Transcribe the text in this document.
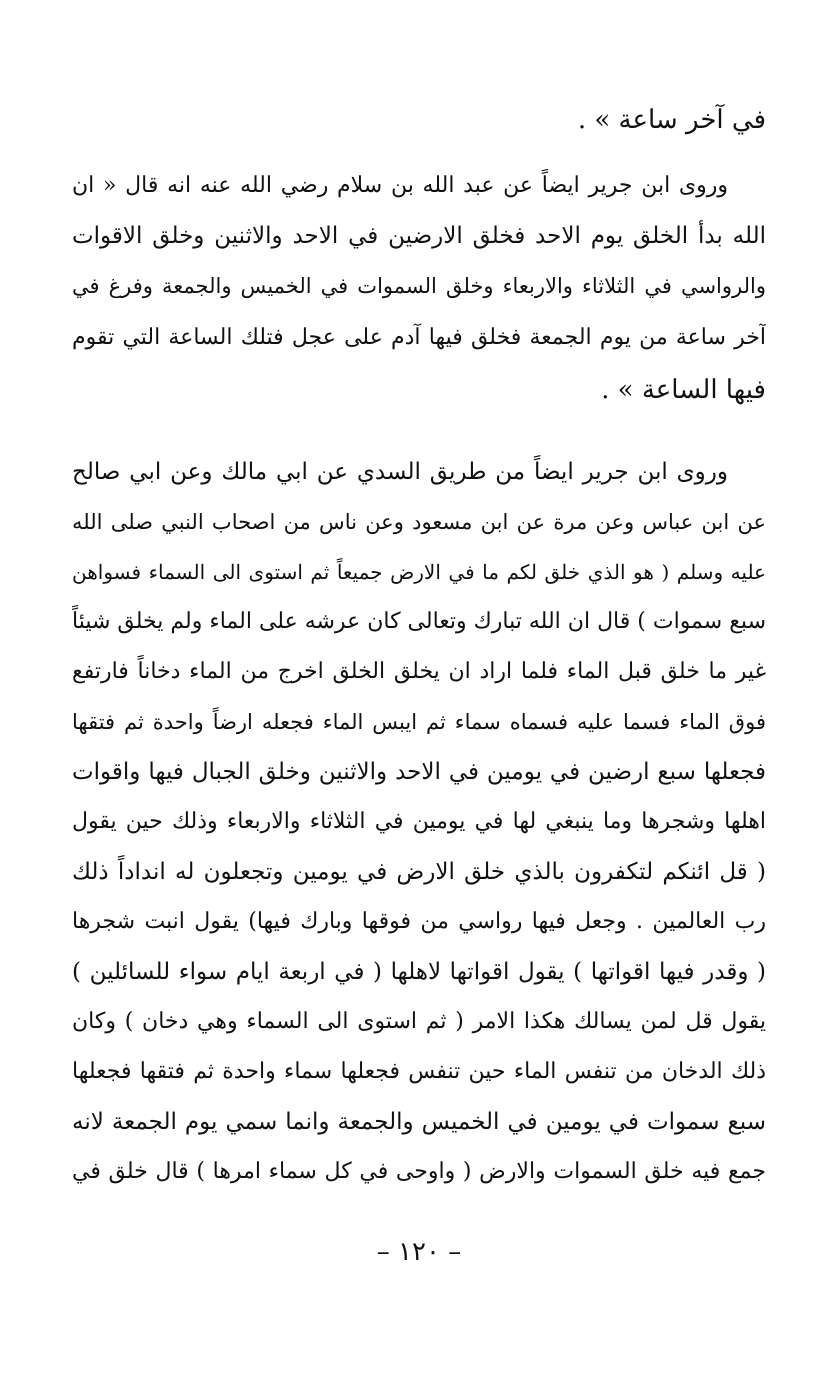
في آخر ساعة » .
وروى ابن جرير ايضاً عن عبد الله بن سلام رضي الله عنه انه قال « ان
الله بدأ الخلق يوم الاحد فخلق الارضين في الاحد والاثنين وخلق الاقوات
والرواسي في الثلاثاء والاربعاء وخلق السموات في الخميس والجمعة وفرغ في
آخر ساعة من يوم الجمعة فخلق فيها آدم على عجل فتلك الساعة التي تقوم
فيها الساعة » .
وروى ابن جرير ايضاً من طريق السدي عن ابي مالك وعن ابي صالح
عن ابن عباس وعن مرة عن ابن مسعود وعن ناس من اصحاب النبي صلى الله
عليه وسلم ( هو الذي خلق لكم ما في الارض جميعاً ثم استوى الى السماء فسواهن
سبع سموات ) قال ان الله تبارك وتعالى كان عرشه على الماء ولم يخلق شيئاً
غير ما خلق قبل الماء فلما اراد ان يخلق الخلق اخرج من الماء دخاناً فارتفع
فوق الماء فسما عليه فسماه سماء ثم ايبس الماء فجعله ارضاً واحدة ثم فتقها
فجعلها سبع ارضين في يومين في الاحد والاثنين وخلق الجبال فيها واقوات
اهلها وشجرها وما ينبغي لها في يومين في الثلاثاء والاربعاء وذلك حين يقول
( قل ائنكم لتكفرون بالذي خلق الارض في يومين وتجعلون له انداداً ذلك
رب العالمين . وجعل فيها رواسي من فوقها وبارك فيها) يقول انبت شجرها
( وقدر فيها اقواتها ) يقول اقواتها لاهلها ( في اربعة ايام سواء للسائلين )
يقول قل لمن يسالك هكذا الامر ( ثم استوى الى السماء وهي دخان ) وكان
ذلك الدخان من تنفس الماء حين تنفس فجعلها سماء واحدة ثم فتقها فجعلها
سبع سموات في يومين في الخميس والجمعة وانما سمي يوم الجمعة لانه
جمع فيه خلق السموات والارض ( واوحى في كل سماء امرها ) قال خلق في
– ١٢٠ –
